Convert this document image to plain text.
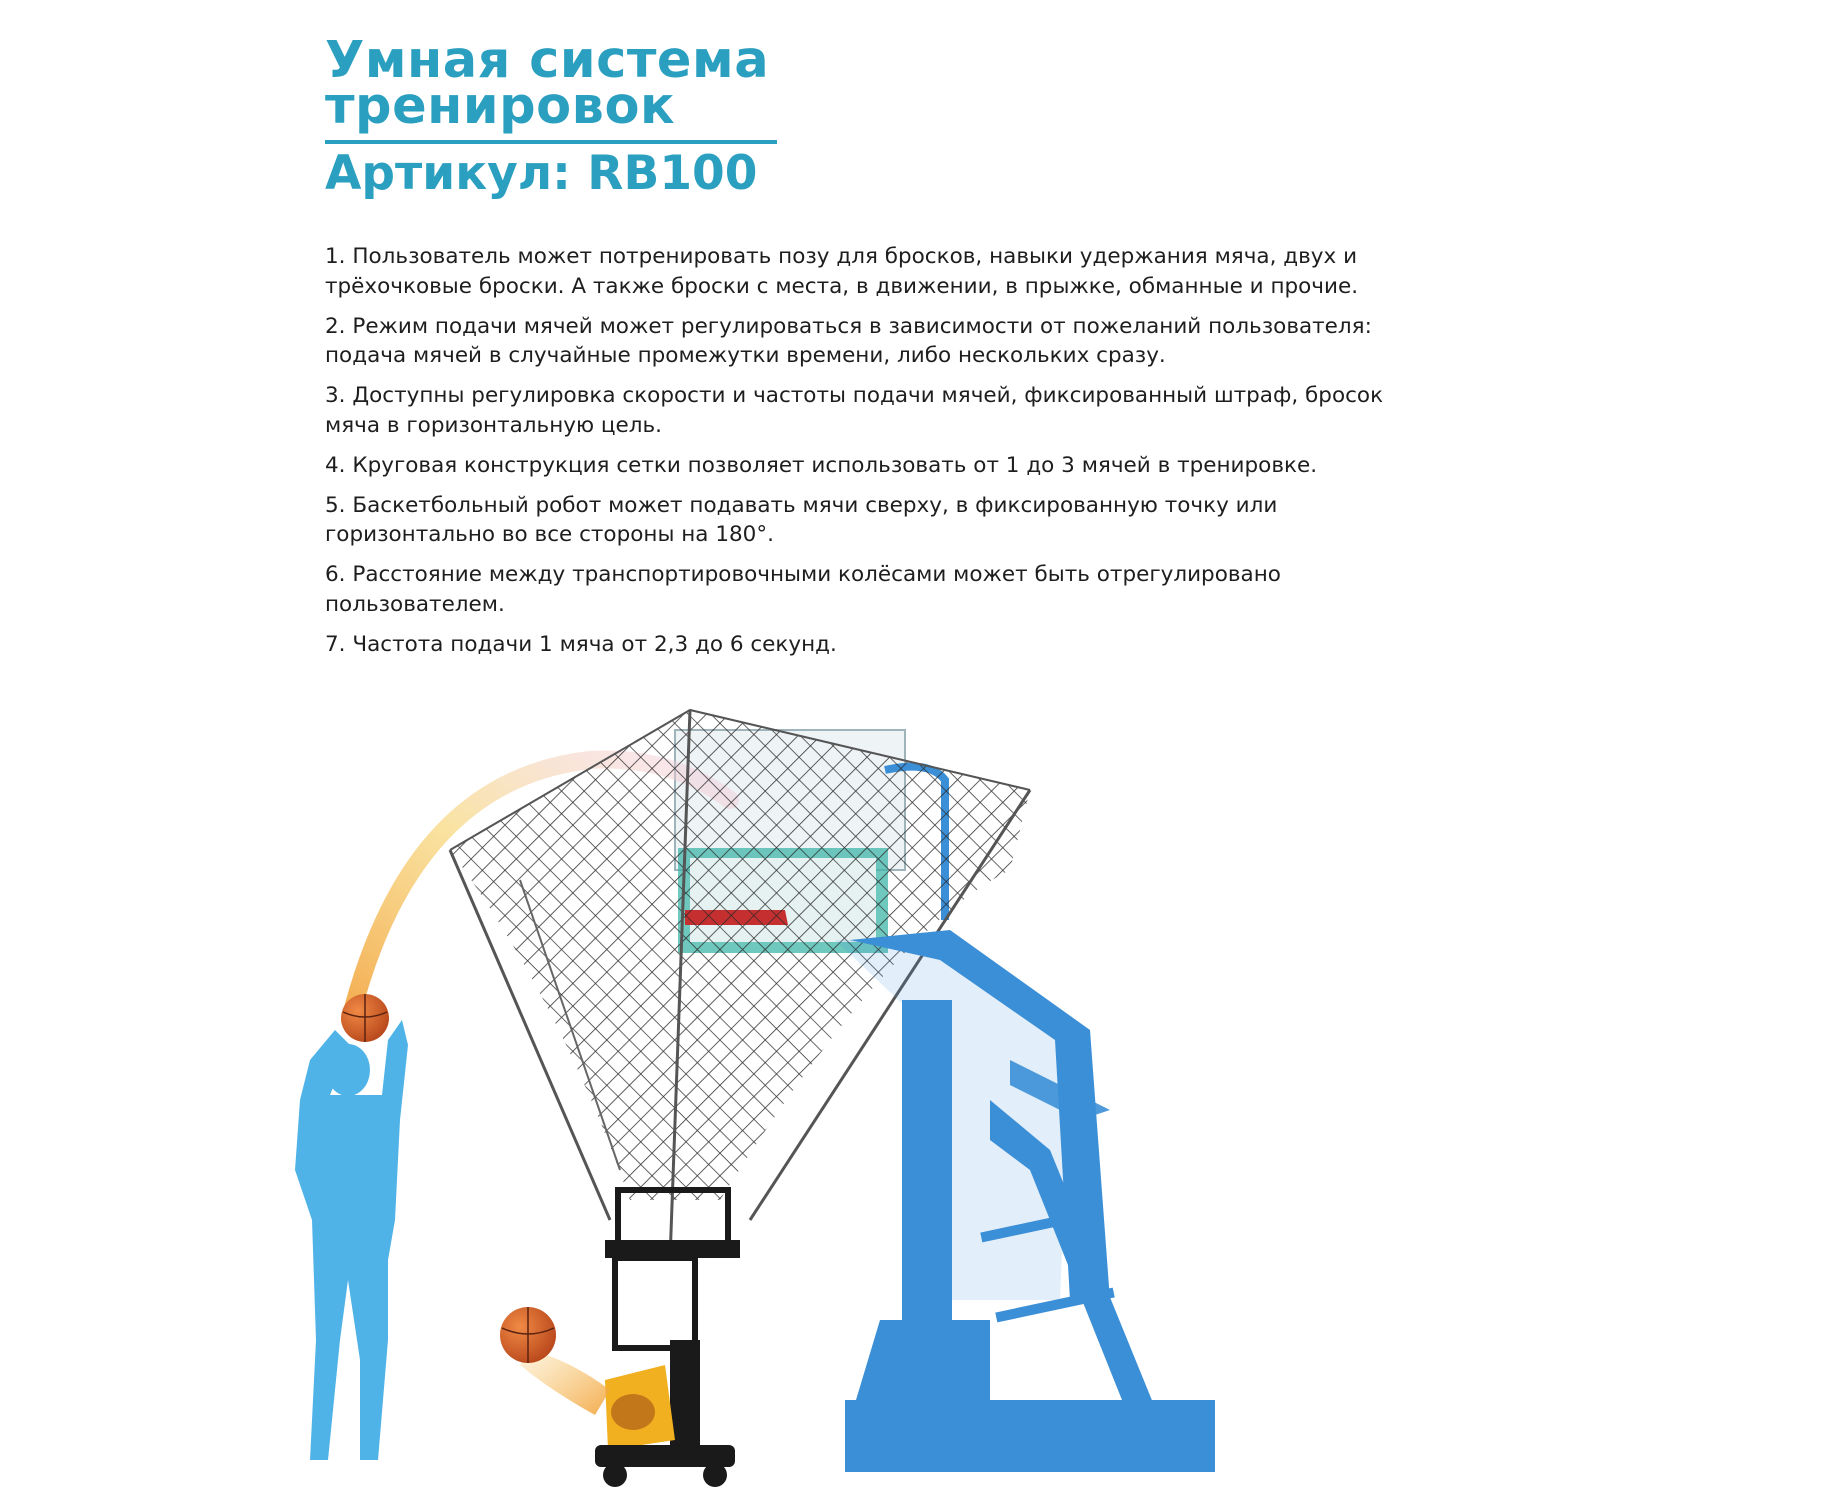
Умная система
тренировок
Артикул: RB100
1. Пользователь может потренировать позу для бросков, навыки удержания мяча, двух и трёхочковые броски. А также броски с места, в движении, в прыжке, обманные и прочие.
2. Режим подачи мячей может регулироваться в зависимости от пожеланий пользователя: подача мячей в случайные промежутки времени, либо нескольких сразу.
3. Доступны регулировка скорости и частоты подачи мячей, фиксированный штраф, бросок мяча в горизонтальную цель.
4. Круговая конструкция сетки позволяет использовать от 1 до 3 мячей в тренировке.
5. Баскетбольный робот может подавать мячи сверху, в фиксированную точку или горизонтально во все стороны на 180°.
6. Расстояние между транспортировочными колёсами может быть отрегулировано пользователем.
7. Частота подачи 1 мяча от 2,3 до 6 секунд.
